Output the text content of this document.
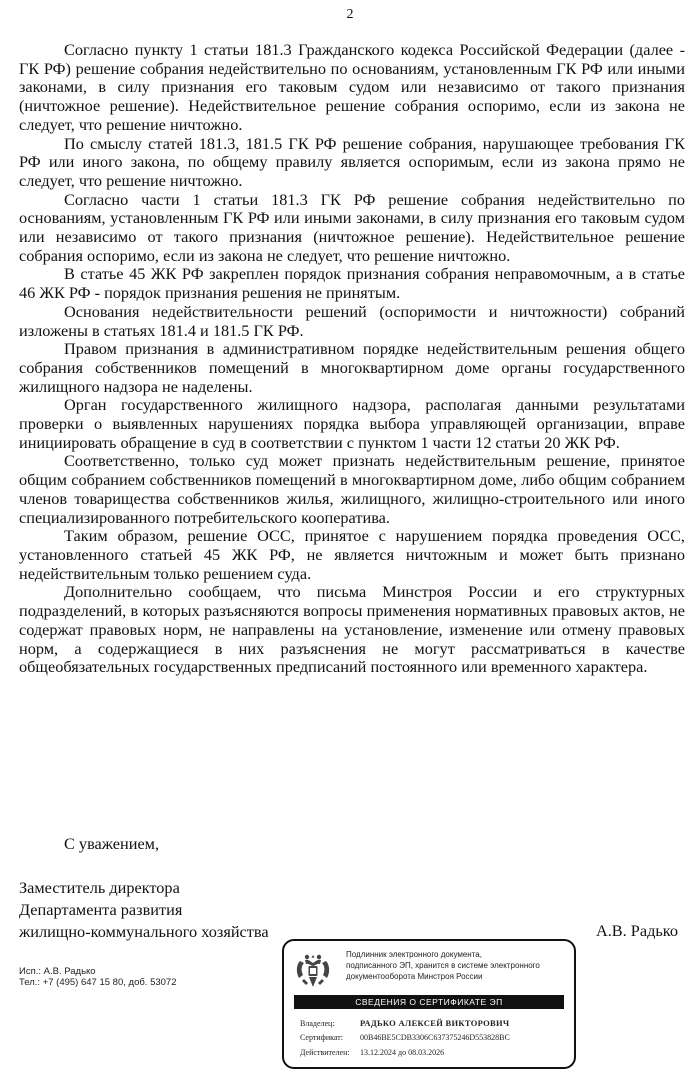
2

Согласно пункту 1 статьи 181.3 Гражданского кодекса Российской Федерации (далее - ГК РФ) решение собрания недействительно по основаниям, установленным ГК РФ или иными законами, в силу признания его таковым судом или независимо от такого признания (ничтожное решение). Недействительное решение собрания оспоримо, если из закона не следует, что решение ничтожно.

По смыслу статей 181.3, 181.5 ГК РФ решение собрания, нарушающее требования ГК РФ или иного закона, по общему правилу является оспоримым, если из закона прямо не следует, что решение ничтожно.

Согласно части 1 статьи 181.3 ГК РФ решение собрания недействительно по основаниям, установленным ГК РФ или иными законами, в силу признания его таковым судом или независимо от такого признания (ничтожное решение). Недействительное решение собрания оспоримо, если из закона не следует, что решение ничтожно.

В статье 45 ЖК РФ закреплен порядок признания собрания неправомочным, а в статье 46 ЖК РФ - порядок признания решения не принятым.

Основания недействительности решений (оспоримости и ничтожности) собраний изложены в статьях 181.4 и 181.5 ГК РФ.

Правом признания в административном порядке недействительным решения общего собрания собственников помещений в многоквартирном доме органы государственного жилищного надзора не наделены.

Орган государственного жилищного надзора, располагая данными результатами проверки о выявленных нарушениях порядка выбора управляющей организации, вправе инициировать обращение в суд в соответствии с пунктом 1 части 12 статьи 20 ЖК РФ.

Соответственно, только суд может признать недействительным решение, принятое общим собранием собственников помещений в многоквартирном доме, либо общим собранием членов товарищества собственников жилья, жилищного, жилищно-строительного или иного специализированного потребительского кооператива.

Таким образом, решение ОСС, принятое с нарушением порядка проведения ОСС, установленного статьей 45 ЖК РФ, не является ничтожным и может быть признано недействительным только решением суда.

Дополнительно сообщаем, что письма Минстроя России и его структурных подразделений, в которых разъясняются вопросы применения нормативных правовых актов, не содержат правовых норм, не направлены на установление, изменение или отмену правовых норм, а содержащиеся в них разъяснения не могут рассматриваться в качестве общеобязательных государственных предписаний постоянного или временного характера.

С уважением,
Заместитель директора
Департамента развития
жилищно-коммунального хозяйства	А.В. Радько
Исп.: А.В. Радько
Тел.: +7 (495) 647 15 80, доб. 53072
Подлинник электронного документа,
подписанного ЭП, хранится в системе электронного
документооборота Минстроя России
СВЕДЕНИЯ О СЕРТИФИКАТЕ ЭП
Владелец:	РАДЬКО АЛЕКСЕЙ ВИКТОРОВИЧ
Сертификат: 00B46BE5CDB3306C637375246D553828BC
Действителен: 13.12.2024 до 08.03.2026
